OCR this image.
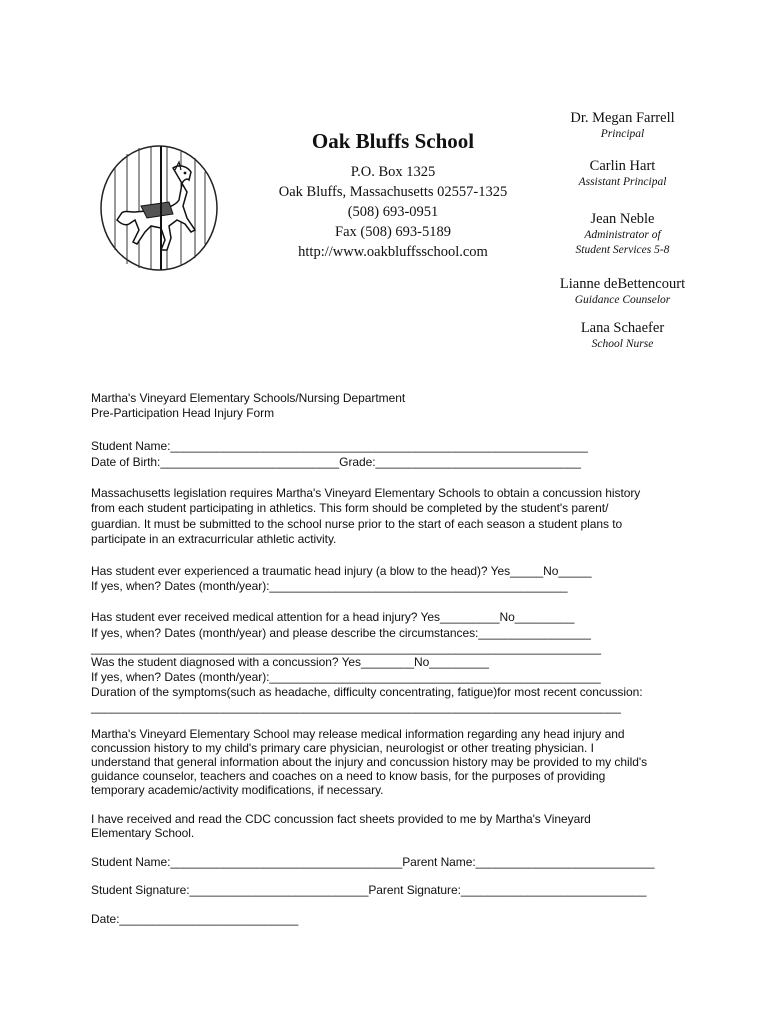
Oak Bluffs School
P.O. Box 1325
Oak Bluffs, Massachusetts 02557-1325
(508) 693-0951
Fax (508) 693-5189
http://www.oakbluffsschool.com
Dr. Megan Farrell
Principal
Carlin Hart
Assistant Principal
Jean Neble
Administrator of
Student Services 5-8
Lianne deBettencourt
Guidance Counselor
Lana Schaefer
School Nurse
Martha's Vineyard Elementary Schools/Nursing Department
Pre-Participation Head Injury Form
Student Name:_______________________________________________________________
Date of Birth:___________________________Grade:_______________________________
Massachusetts legislation requires Martha's Vineyard Elementary Schools to obtain a concussion history
from each student participating in athletics. This form should be completed by the student's parent/
guardian. It must be submitted to the school nurse prior to the start of each season a student plans to
participate in an extracurricular athletic activity.
Has student ever experienced a traumatic head injury (a blow to the head)? Yes_____No_____
If yes, when? Dates (month/year):_____________________________________________
Has student ever received medical attention for a head injury? Yes_________No_________
If yes, when? Dates (month/year) and please describe the circumstances:_________________
_____________________________________________________________________________
Was the student diagnosed with a concussion? Yes________No_________
If yes, when? Dates (month/year):__________________________________________________
Duration of the symptoms(such as headache, difficulty concentrating, fatigue)for most recent concussion:
________________________________________________________________________________
Martha's Vineyard Elementary School may release medical information regarding any head injury and
concussion history to my child's primary care physician, neurologist or other treating physician. I
understand that general information about the injury and concussion history may be provided to my child's
guidance counselor, teachers and coaches on a need to know basis, for the purposes of providing
temporary academic/activity modifications, if necessary.
I have received and read the CDC concussion fact sheets provided to me by Martha's Vineyard
Elementary School.
Student Name:___________________________________Parent Name:___________________________
Student Signature:___________________________Parent Signature:____________________________
Date:___________________________
